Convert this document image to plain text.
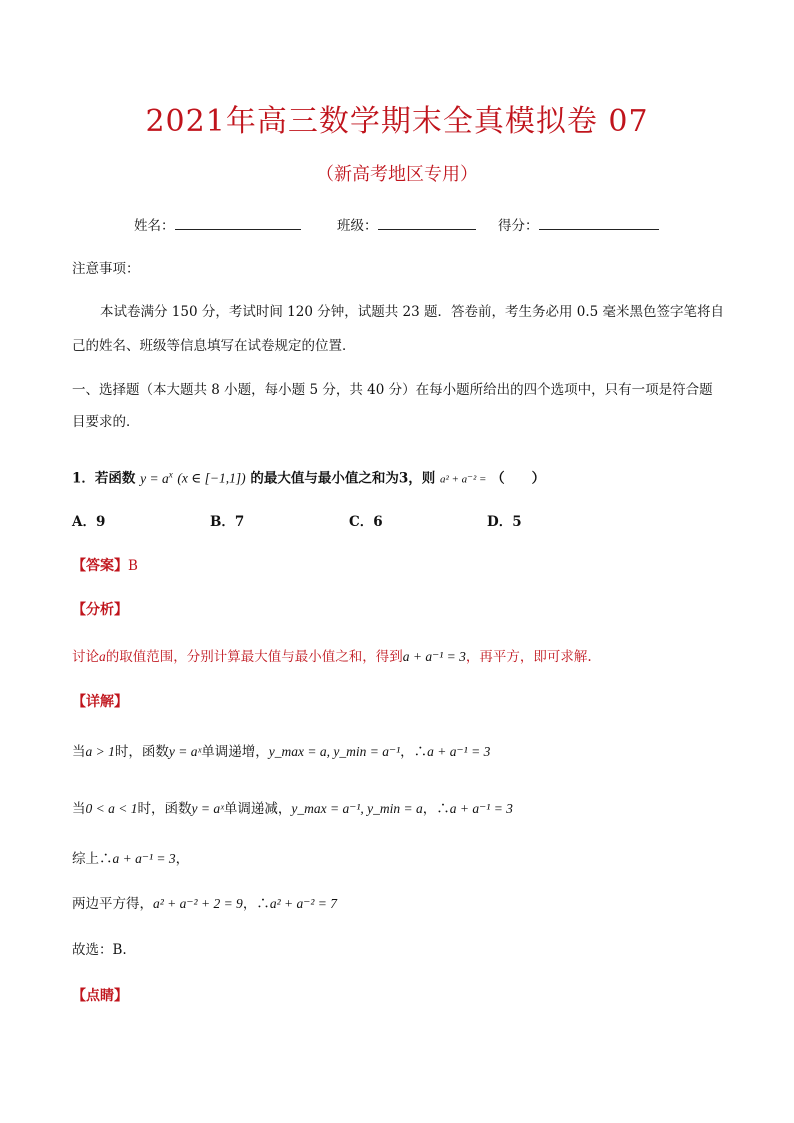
2021年高三数学期末全真模拟卷 07
（新高考地区专用）
姓名：	班级：	得分：
注意事项：
本试卷满分 150 分，考试时间 120 分钟，试题共 23 题．答卷前，考生务必用 0.5 毫米黑色签字笔将自
己的姓名、班级等信息填写在试卷规定的位置．
一、选择题（本大题共 8 小题，每小题 5 分，共 40 分）在每小题所给出的四个选项中，只有一项是符合题
目要求的．
1．若函数 $y = a^x$ (x ∈ [−1,1]) 的最大值与最小值之和为3，则 a² + a⁻² = （　　）
A．9	B．7	C．6	D．5
【答案】B
【分析】
讨论a的取值范围，分别计算最大值与最小值之和，得到a + a⁻¹ = 3，再平方，即可求解.
【详解】
当a > 1时，函数y = aˣ单调递增，y_max = a, y_min = a⁻¹，∴a + a⁻¹ = 3
当0 < a < 1时，函数y = aˣ单调递减，y_max = a⁻¹, y_min = a，∴a + a⁻¹ = 3
综上∴a + a⁻¹ = 3，
两边平方得，a² + a⁻² + 2 = 9，∴a² + a⁻² = 7
故选：B.
【点睛】
